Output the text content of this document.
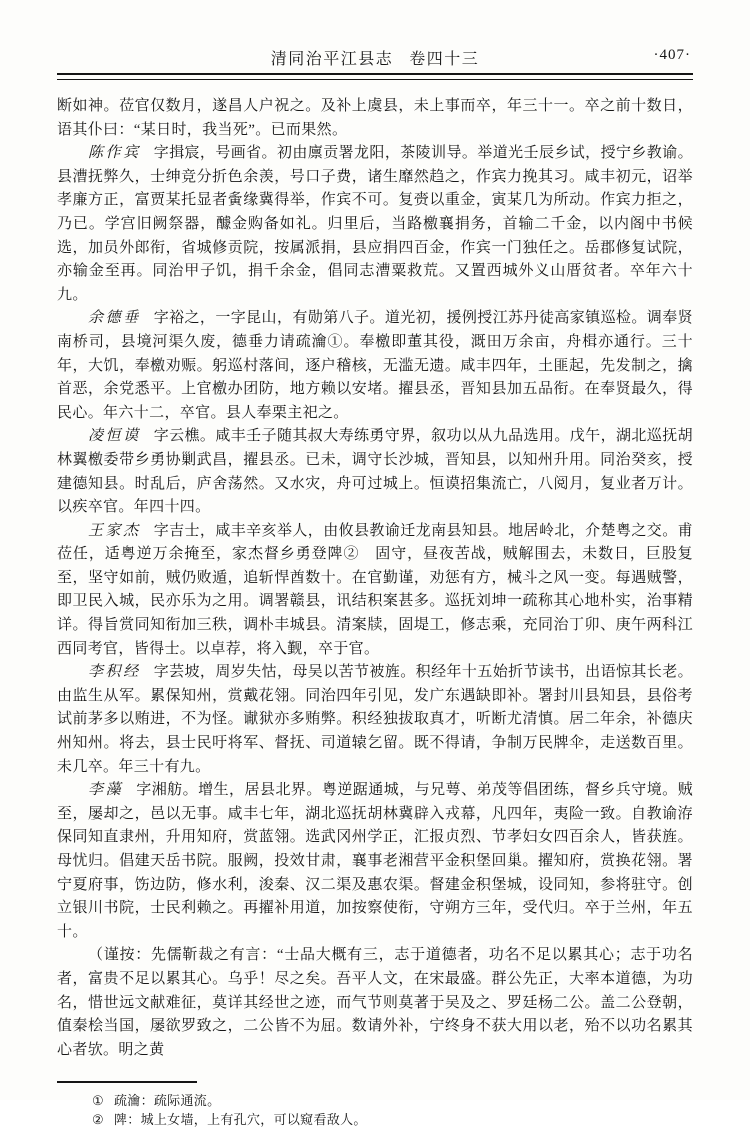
清同治平江县志 卷四十三	·407·

断如神。莅官仅数月，遂昌人户祝之。及补上虞县，未上事而卒，年三十一。卒之前十数日，语其仆曰：“某日时，我当死”。已而果然。

陈作宾 字揖宸，号画省。初由廪贡署龙阳，茶陵训导。举道光壬辰乡试，授宁乡教谕。县漕抚弊久，士绅竞分折色余羡，号口子费，诸生靡然趋之，作宾力挽其习。咸丰初元，诏举孝廉方正，富贾某托显者夤缘冀得举，作宾不可。复赍以重金，寅某几为所动。作宾力拒之，乃已。学宫旧阙祭器，醵金购备如礼。归里后，当路檄襄捐务，首输二千金，以内阁中书候选，加员外郎衔，省城修贡院，按属派捐，县应捐四百金，作宾一门独任之。岳郡修复试院，亦输金至再。同治甲子饥，捐千余金，倡同志漕粟救荒。又置西城外义山厝贫者。卒年六十九。

余德垂 字裕之，一字昆山，有勋第八子。道光初，援例授江苏丹徒高家镇巡检。调奉贤南桥司，县境河渠久废，德垂力请疏瀹①。奉檄即董其役，溉田万余亩，舟楫亦通行。三十年，大饥，奉檄劝赈。躬巡村落间，逐户稽核，无滥无遗。咸丰四年，土匪起，先发制之，擒首恶，余党悉平。上官檄办团防，地方赖以安堵。擢县丞，晋知县加五品衔。在奉贤最久，得民心。年六十二，卒官。县人奉栗主祀之。

凌恒谟 字云樵。咸丰壬子随其叔大寿练勇守界，叙功以从九品选用。戊午，湖北巡抚胡林翼檄委带乡勇协剿武昌，擢县丞。已未，调守长沙城，晋知县，以知州升用。同治癸亥，授建德知县。时乱后，庐舍荡然。又水灾，舟可过城上。恒谟招集流亡，八阅月，复业者万计。以疾卒官。年四十四。

王家杰 字吉士，咸丰辛亥举人，由攸县教谕迁龙南县知县。地居岭北，介楚粤之交。甫莅任，适粤逆万余掩至，家杰督乡勇登陴②　固守，昼夜苦战，贼解围去，未数日，巨股复至，坚守如前，贼仍败遁，追斩悍酋数十。在官勤谨，劝惩有方，械斗之风一变。每遇贼警，即卫民入城，民亦乐为之用。调署赣县，讯结积案甚多。巡抚刘坤一疏称其心地朴实，治事精详。得旨赏同知衔加三秩，调朴丰城县。清案牍，固堤工，修志乘，充同治丁卯、庚午两科江西同考官，皆得士。以卓荐，将入觐，卒于官。

李积经 字芸坡，周岁失怙，母吴以苦节被旌。积经年十五始折节读书，出语惊其长老。由监生从军。累保知州，赏戴花翎。同治四年引见，发广东遇缺即补。署封川县知县，县俗考试前茅多以贿进，不为怪。谳狱亦多贿弊。积经独拔取真才，听断尤清慎。居二年余，补德庆州知州。将去，县士民吁将军、督抚、司道辕乞留。既不得请，争制万民牌伞，走送数百里。未几卒。年三十有九。

李藻 字湘舫。增生，居县北界。粤逆踞通城，与兄萼、弟茂等倡团练，督乡兵守境。贼至，屡却之，邑以无事。咸丰七年，湖北巡抚胡林冀辟入戎幕，凡四年，夷险一致。自教谕洊保同知直隶州，升用知府，赏蓝翎。选武冈州学正，汇报贞烈、节孝妇女四百余人，皆获旌。母忧归。倡建天岳书院。服阙，投效甘肃，襄事老湘营平金积堡回巢。擢知府，赏换花翎。署宁夏府事，饬边防，修水利，浚秦、汉二渠及惠农渠。督建金积堡城，设同知，参将驻守。创立银川书院，士民利赖之。再擢补用道，加按察使衔，守朔方三年，受代归。卒于兰州，年五十。

（谨按：先儒靳裁之有言：“士品大概有三，志于道德者，功名不足以累其心；志于功名者，富贵不足以累其心。乌乎！尽之矣。吾平人文，在宋最盛。群公先正，大率本道德，为功名，惜世远文献难征，莫详其经世之迹，而气节则莫著于吴及之、罗廷杨二公。盖二公登朝，值秦桧当国，屡欲罗致之，二公皆不为屈。数请外补，宁终身不获大用以老，殆不以功名累其心者欤。明之黄

① 疏瀹：疏际通流。
② 陴：城上女墙，上有孔穴，可以窥看敌人。
